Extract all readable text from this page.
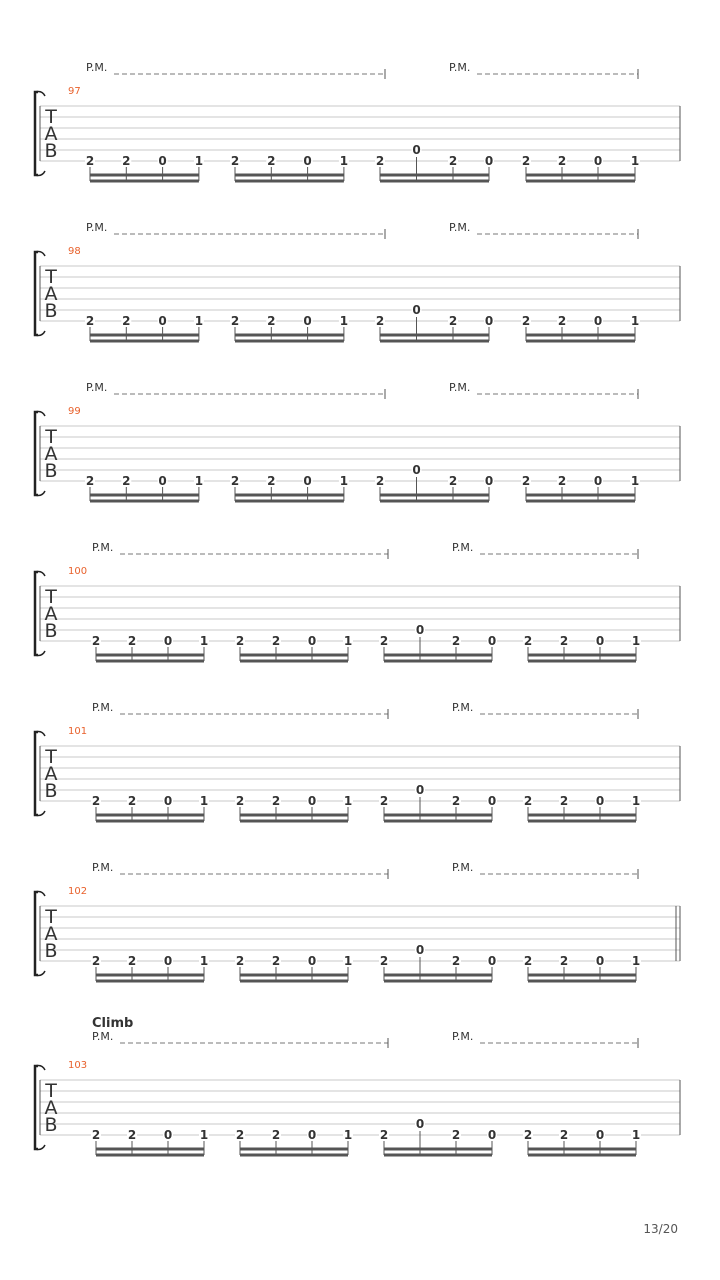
P.M.	P.M.
97
T
A
B 2 2 0 1 2 2 0 1 2
0
2 0 2 2 0 1
P.M.	P.M.
98
T
A
B 2 2 0 1 2 2 0 1 2
0
2 0 2 2 0 1
P.M.	P.M.
99
T
A
B 2 2 0 1 2 2 0 1 2
0
2 0 2 2 0 1
P.M.	P.M.
100
T
A
B	2 2 0 1 2 2 0 1 2
0
2 0 2 2 0 1
P.M.	P.M.
101
T
A
B	2 2 0 1 2 2 0 1 2
0
2 0 2 2 0 1
P.M.	P.M.
102
T
A
B	2 2 0 1 2 2 0 1 2
0
2 0 2 2 0 1
Climb
P.M.	P.M.
103
T
A
B	2 2 0 1 2 2 0 1 2
0
2 0 2 2 0 1
13/20
